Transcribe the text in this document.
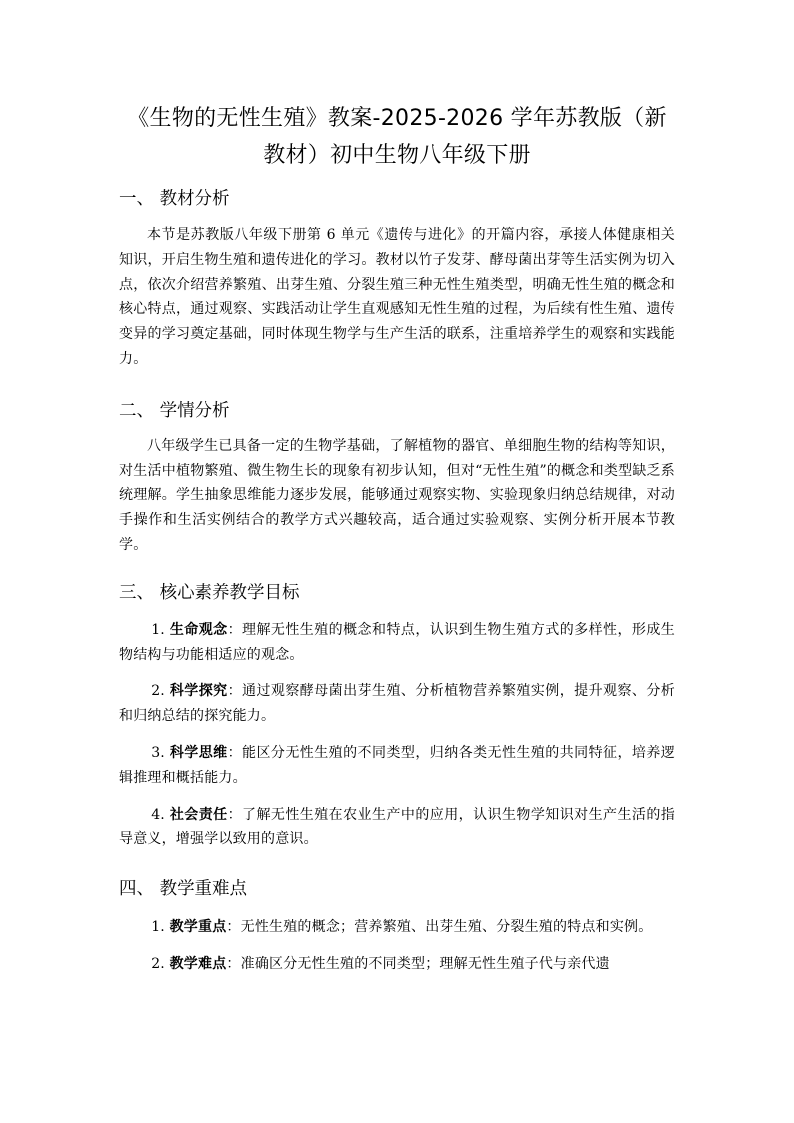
《生物的无性生殖》教案-2025-2026 学年苏教版（新
教材）初中生物八年级下册
一、 教材分析

本节是苏教版八年级下册第 6 单元《遗传与进化》的开篇内容，承接人体健康相关知识，开启生物生殖和遗传进化的学习。教材以竹子发芽、酵母菌出芽等生活实例为切入点，依次介绍营养繁殖、出芽生殖、分裂生殖三种无性生殖类型，明确无性生殖的概念和核心特点，通过观察、实践活动让学生直观感知无性生殖的过程，为后续有性生殖、遗传变异的学习奠定基础，同时体现生物学与生产生活的联系，注重培养学生的观察和实践能力。

二、 学情分析

八年级学生已具备一定的生物学基础，了解植物的器官、单细胞生物的结构等知识，对生活中植物繁殖、微生物生长的现象有初步认知，但对“无性生殖”的概念和类型缺乏系统理解。学生抽象思维能力逐步发展，能够通过观察实物、实验现象归纳总结规律，对动手操作和生活实例结合的教学方式兴趣较高，适合通过实验观察、实例分析开展本节教学。

三、 核心素养教学目标

1. 生命观念：理解无性生殖的概念和特点，认识到生物生殖方式的多样性，形成生物结构与功能相适应的观念。

2. 科学探究：通过观察酵母菌出芽生殖、分析植物营养繁殖实例，提升观察、分析和归纳总结的探究能力。

3. 科学思维：能区分无性生殖的不同类型，归纳各类无性生殖的共同特征，培养逻辑推理和概括能力。

4. 社会责任：了解无性生殖在农业生产中的应用，认识生物学知识对生产生活的指导意义，增强学以致用的意识。

四、 教学重难点

1. 教学重点：无性生殖的概念；营养繁殖、出芽生殖、分裂生殖的特点和实例。

2. 教学难点：准确区分无性生殖的不同类型；理解无性生殖子代与亲代遗
